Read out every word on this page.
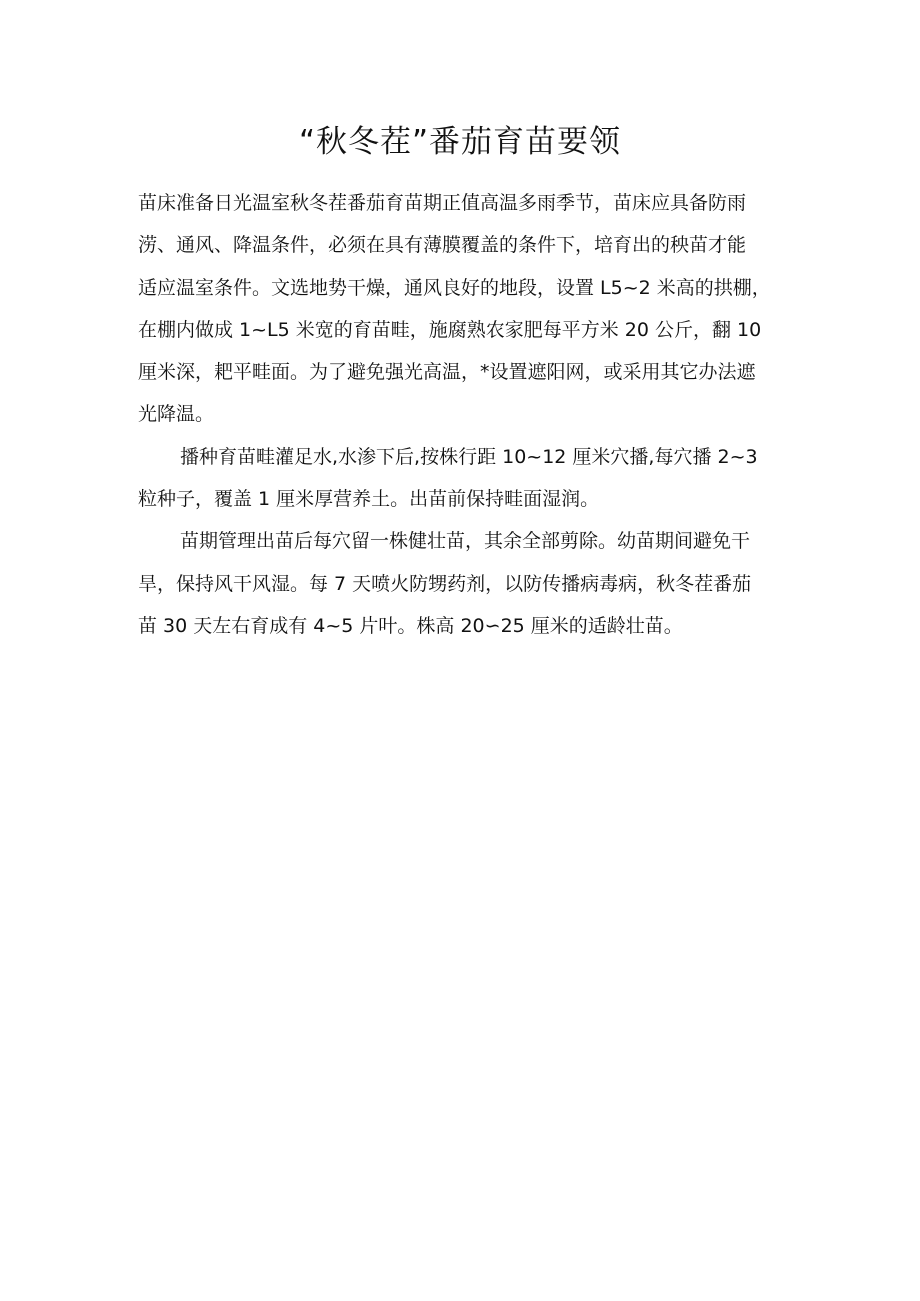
“秋冬茬”番茄育苗要领

苗床准备日光温室秋冬茬番茄育苗期正值高温多雨季节，苗床应具备防雨
涝、通风、降温条件，必须在具有薄膜覆盖的条件下，培育出的秧苗才能
适应温室条件。文选地势干燥，通风良好的地段，设置 L5~2 米高的拱棚，
在棚内做成 1~L5 米宽的育苗畦，施腐熟农家肥每平方米 20 公斤，翻 10
厘米深，耙平畦面。为了避免强光高温，*设置遮阳网，或采用其它办法遮
光降温。

播种育苗畦灌足水,水渗下后,按株行距 10~12 厘米穴播,每穴播 2~3
粒种子，覆盖 1 厘米厚营养土。出苗前保持畦面湿润。

苗期管理出苗后每穴留一株健壮苗，其余全部剪除。幼苗期间避免干
旱，保持风干风湿。每 7 天喷火防甥药剂，以防传播病毒病，秋冬茬番茄
苗 30 天左右育成有 4~5 片叶。株高 20∽25 厘米的适龄壮苗。
